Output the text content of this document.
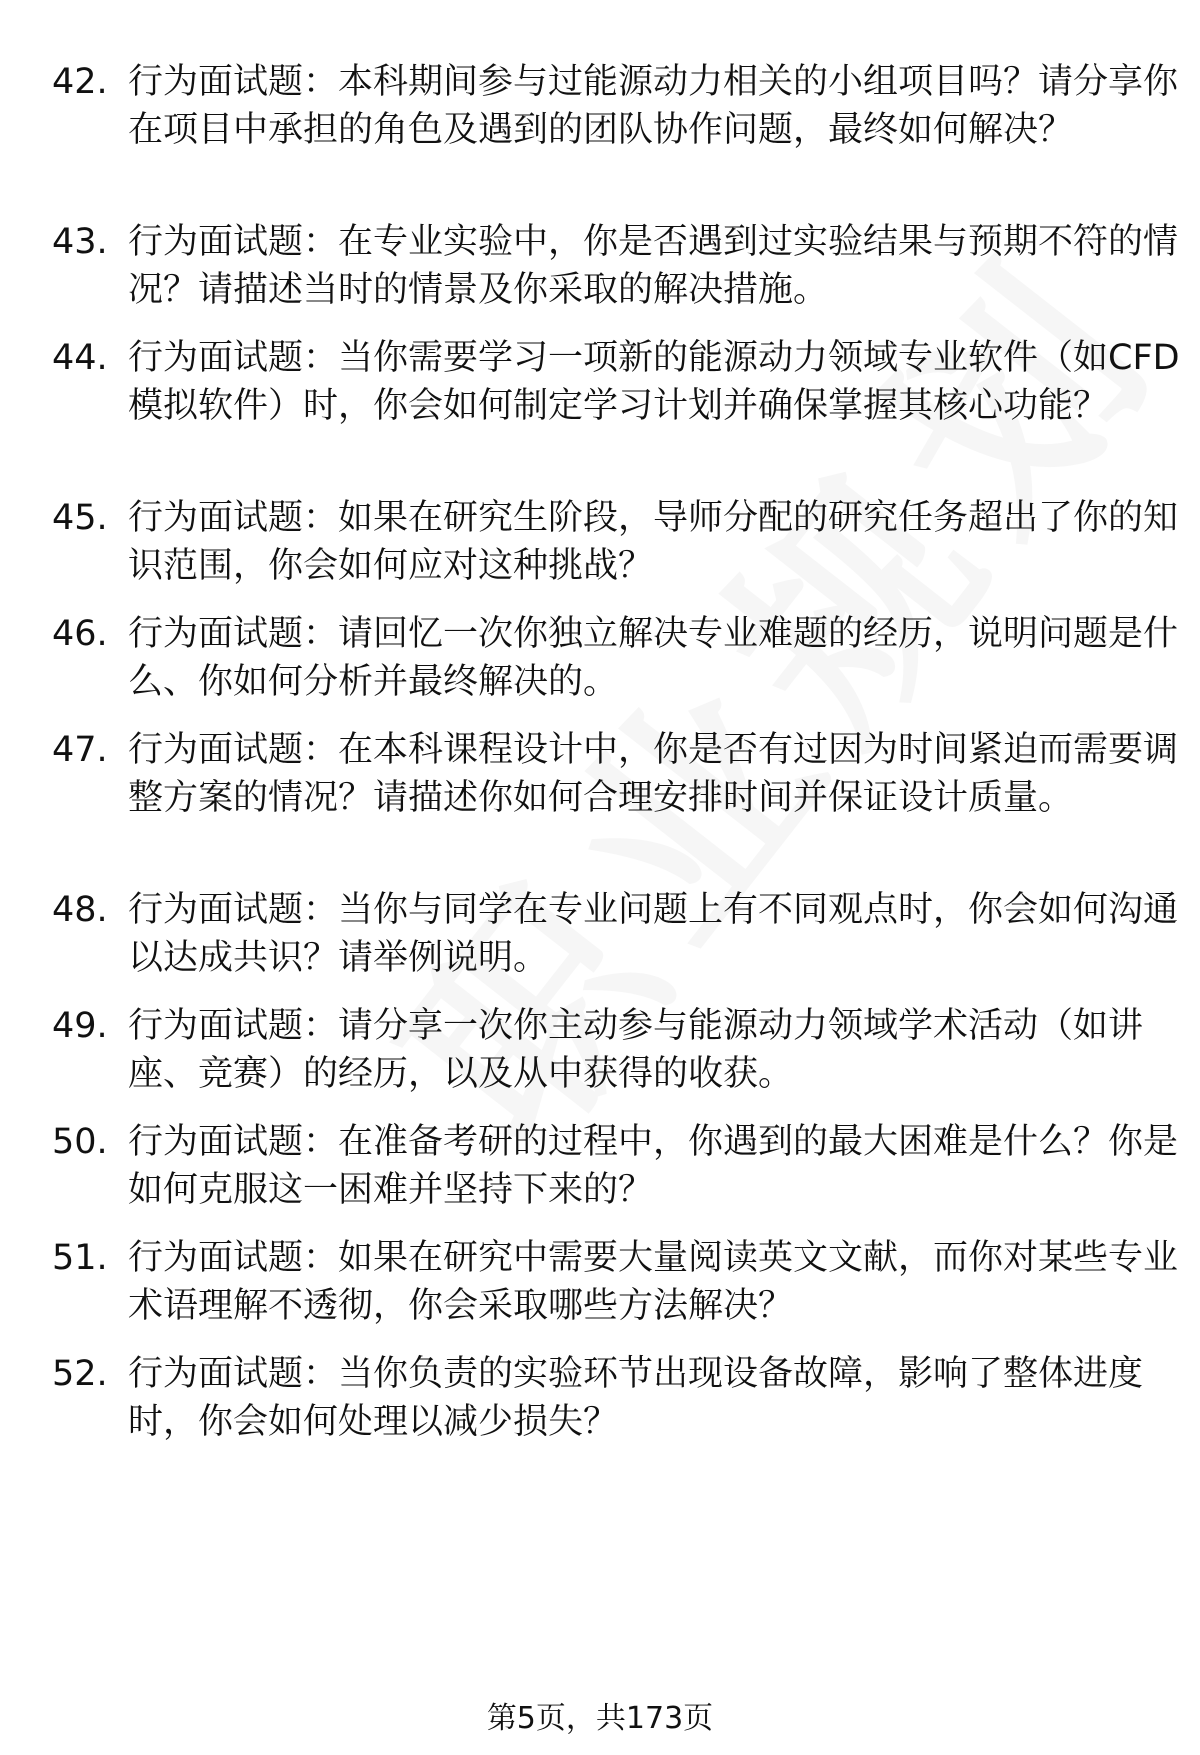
42. 行为面试题：本科期间参与过能源动力相关的小组项目吗？请分享你在项目中承担的角色及遇到的团队协作问题，最终如何解决？
43. 行为面试题：在专业实验中，你是否遇到过实验结果与预期不符的情况？请描述当时的情景及你采取的解决措施。
44. 行为面试题：当你需要学习一项新的能源动力领域专业软件（如CFD模拟软件）时，你会如何制定学习计划并确保掌握其核心功能？
45. 行为面试题：如果在研究生阶段，导师分配的研究任务超出了你的知识范围，你会如何应对这种挑战？
46. 行为面试题：请回忆一次你独立解决专业难题的经历，说明问题是什么、你如何分析并最终解决的。
47. 行为面试题：在本科课程设计中，你是否有过因为时间紧迫而需要调整方案的情况？请描述你如何合理安排时间并保证设计质量。
48. 行为面试题：当你与同学在专业问题上有不同观点时，你会如何沟通以达成共识？请举例说明。
49. 行为面试题：请分享一次你主动参与能源动力领域学术活动（如讲座、竞赛）的经历，以及从中获得的收获。
50. 行为面试题：在准备考研的过程中，你遇到的最大困难是什么？你是如何克服这一困难并坚持下来的？
51. 行为面试题：如果在研究中需要大量阅读英文文献，而你对某些专业术语理解不透彻，你会采取哪些方法解决？
52. 行为面试题：当你负责的实验环节出现设备故障，影响了整体进度时，你会如何处理以减少损失？
第5页，共173页
